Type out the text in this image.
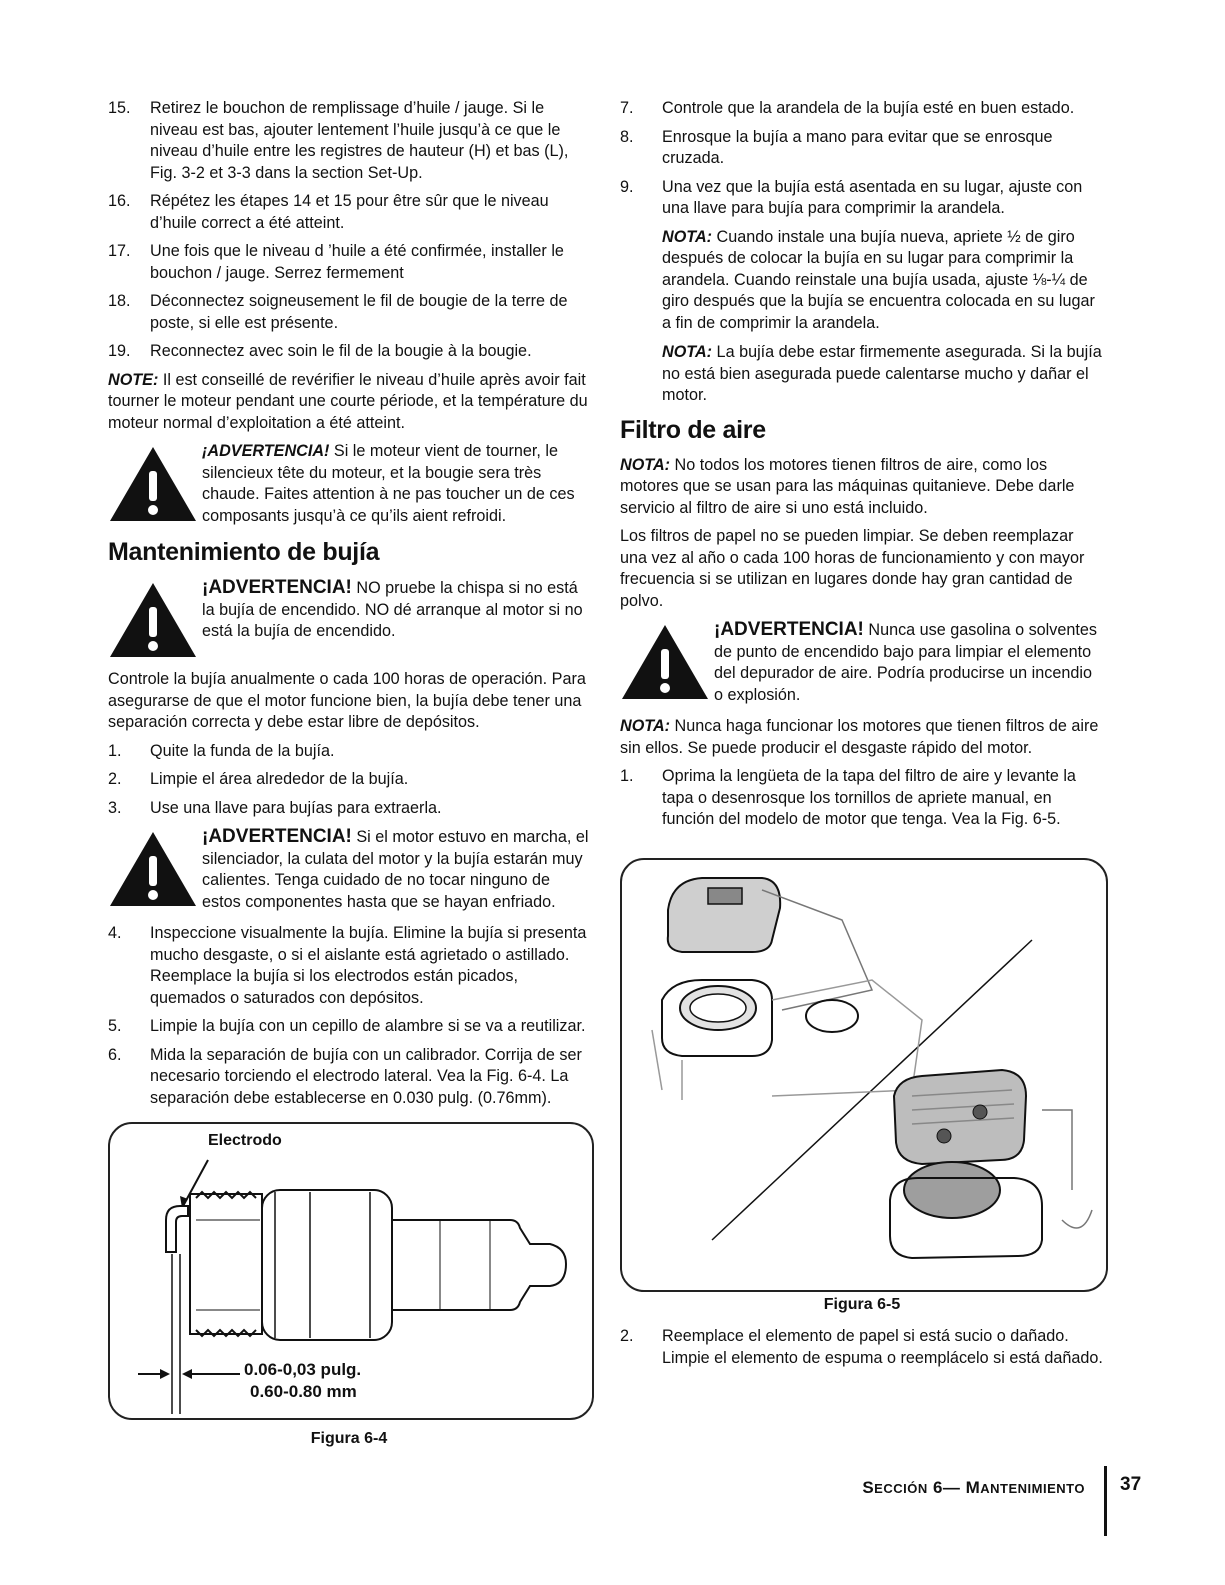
15.	Retirez le bouchon de remplissage d’huile / jauge. Si le niveau est bas, ajouter lentement l’huile jusqu’à ce que le niveau d’huile entre les registres de hauteur (H) et bas (L), Fig. 3-2 et 3-3 dans la section Set-Up.
16.	Répétez les étapes 14 et 15 pour être sûr que le niveau d’huile correct a été atteint.
17.	Une fois que le niveau d ’huile a été confirmée, installer le bouchon / jauge. Serrez fermement
18.	Déconnectez soigneusement le fil de bougie de la terre de poste, si elle est présente.
19.	Reconnectez avec soin le fil de la bougie à la bougie.

NOTE: Il est conseillé de revérifier le niveau d’huile après avoir fait tourner le moteur pendant une courte période, et la température du moteur normal d’exploitation a été atteint.

¡ADVERTENCIA! Si le moteur vient de tourner, le silencieux tête du moteur, et la bougie sera très chaude. Faites attention à ne pas toucher un de ces composants jusqu’à ce qu’ils aient refroidi.
Mantenimiento de bujía
¡ADVERTENCIA! NO pruebe la chispa si no está la bujía de encendido. NO dé arranque al motor si no está la bujía de encendido.

Controle la bujía anualmente o cada 100 horas de operación. Para asegurarse de que el motor funcione bien, la bujía debe tener una separación correcta y debe estar libre de depósitos.

1.	Quite la funda de la bujía.
2.	Limpie el área alrededor de la bujía.
3.	Use una llave para bujías para extraerla.
¡ADVERTENCIA! Si el motor estuvo en marcha, el silenciador, la culata del motor y la bujía estarán muy calientes. Tenga cuidado de no tocar ninguno de estos componentes hasta que se hayan enfriado.
4.	Inspeccione visualmente la bujía. Elimine la bujía si presenta mucho desgaste, o si el aislante está agrietado o astillado. Reemplace la bujía si los electrodos están picados, quemados o saturados con depósitos.
5.	Limpie la bujía con un cepillo de alambre si se va a reutilizar.
6.	Mida la separación de bujía con un calibrador. Corrija de ser necesario torciendo el electrodo lateral. Vea la Fig. 6-4. La separación debe establecerse en 0.030 pulg. (0.76mm).
Electrodo
0.06-0,03 pulg.
0.60-0.80 mm
Figura 6-4
7.	Controle que la arandela de la bujía esté en buen estado.
8.	Enrosque la bujía a mano para evitar que se enrosque cruzada.
9.	Una vez que la bujía está asentada en su lugar, ajuste con una llave para bujía para comprimir la arandela.

NOTA: Cuando instale una bujía nueva, apriete ½ de giro después de colocar la bujía en su lugar para comprimir la arandela. Cuando reinstale una bujía usada, ajuste ⅛-¼ de giro después que la bujía se encuentra colocada en su lugar a fin de comprimir la arandela.

NOTA: La bujía debe estar firmemente asegurada. Si la bujía no está bien asegurada puede calentarse mucho y dañar el motor.

Filtro de aire

NOTA: No todos los motores tienen filtros de aire, como los motores que se usan para las máquinas quitanieve. Debe darle servicio al filtro de aire si uno está incluido.

Los filtros de papel no se pueden limpiar. Se deben reemplazar una vez al año o cada 100 horas de funcionamiento y con mayor frecuencia si se utilizan en lugares donde hay gran cantidad de polvo.

¡ADVERTENCIA! Nunca use gasolina o solventes de punto de encendido bajo para limpiar el elemento del depurador de aire. Podría producirse un incendio o explosión.

NOTA: Nunca haga funcionar los motores que tienen filtros de aire sin ellos. Se puede producir el desgaste rápido del motor.

1.	Oprima la lengüeta de la tapa del filtro de aire y levante la tapa o desenrosque los tornillos de apriete manual, en función del modelo de motor que tenga. Vea la Fig. 6-5.
Figura 6-5
2.	Reemplace el elemento de papel si está sucio o dañado. Limpie el elemento de espuma o reemplácelo si está dañado.
SECCIÓN 6— MANTENIMIENTO 37
